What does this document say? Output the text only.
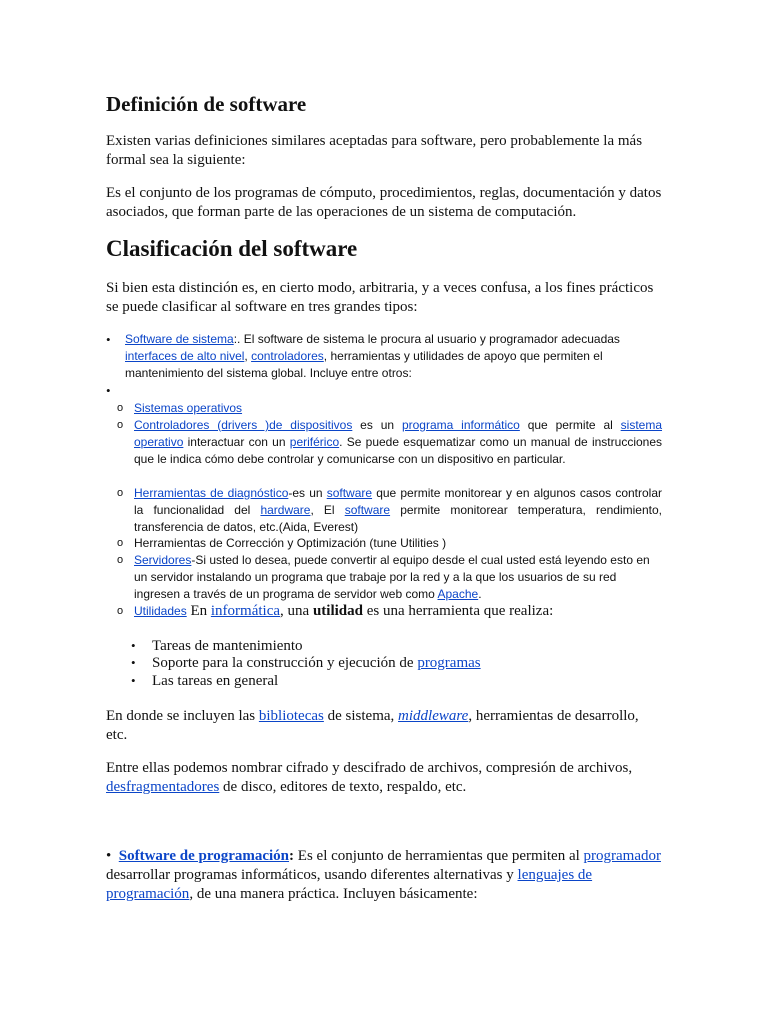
Definición de software

Existen varias definiciones similares aceptadas para software, pero probablemente la más formal sea la siguiente:

Es el conjunto de los programas de cómputo, procedimientos, reglas, documentación y datos asociados, que forman parte de las operaciones de un sistema de computación.

Clasificación del software

Si bien esta distinción es, en cierto modo, arbitraria, y a veces confusa, a los fines prácticos se puede clasificar al software en tres grandes tipos:

• Software de sistema:. El software de sistema le procura al usuario y programador adecuadas interfaces de alto nivel, controladores, herramientas y utilidades de apoyo que permiten el mantenimiento del sistema global. Incluye entre otros:

•
o Sistemas operativos

o Controladores (drivers )de dispositivos es un programa informático que permite al sistema operativo interactuar con un periférico. Se puede esquematizar como un manual de instrucciones que le indica cómo debe controlar y comunicarse con un dispositivo en particular.

o Herramientas de diagnóstico-es un software que permite monitorear y en algunos casos controlar la funcionalidad del hardware, El software permite monitorear temperatura, rendimiento, transferencia de datos, etc.(Aida, Everest)

o Herramientas de Corrección y Optimización (tune Utilities )

o Servidores-Si usted lo desea, puede convertir al equipo desde el cual usted está leyendo esto en un servidor instalando un programa que trabaje por la red y a la que los usuarios de su red ingresen a través de un programa de servidor web como Apache.

o Utilidades En informática, una utilidad es una herramienta que realiza:

• Tareas de mantenimiento

• Soporte para la construcción y ejecución de programas

• Las tareas en general

En donde se incluyen las bibliotecas de sistema, middleware, herramientas de desarrollo, etc.

Entre ellas podemos nombrar cifrado y descifrado de archivos, compresión de archivos, desfragmentadores de disco, editores de texto, respaldo, etc.

•  Software de programación: Es el conjunto de herramientas que permiten al programador desarrollar programas informáticos, usando diferentes alternativas y lenguajes de programación, de una manera práctica. Incluyen básicamente:
